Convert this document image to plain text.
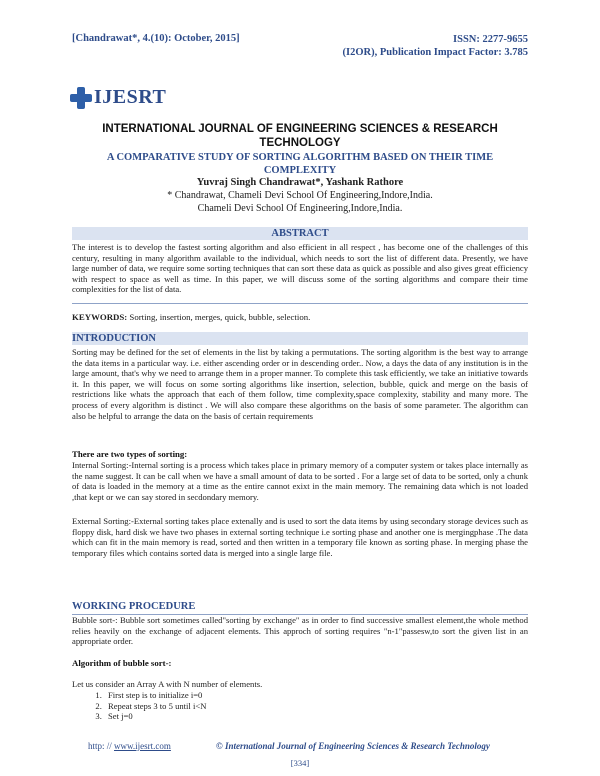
[Chandrawat*, 4.(10): October, 2015]	ISSN: 2277-9655
(I2OR), Publication Impact Factor: 3.785
IJESRT
INTERNATIONAL JOURNAL OF ENGINEERING SCIENCES & RESEARCH TECHNOLOGY
A COMPARATIVE STUDY OF SORTING ALGORITHM BASED ON THEIR TIME COMPLEXITY
Yuvraj Singh Chandrawat*, Yashank Rathore
* Chandrawat, Chameli Devi School Of Engineering,Indore,India.
Chameli Devi School Of Engineering,Indore,India.
ABSTRACT
The interest is to develop the fastest sorting algorithm and also efficient in all respect , has become one of the challenges of this century, resulting in many algorithm available to the individual, which needs to sort the list of different data. Presently, we have large number of data, we require some sorting techniques that can sort these data as quick as possible and also gives great efficiency with respect to space as well as time. In this paper, we will discuss some of the sorting algorithms and compare their time complexities for the list of data.
KEYWORDS: Sorting, insertion, merges, quick, bubble, selection.
INTRODUCTION
Sorting may be defined for the set of elements in the list by taking a permutations. The sorting algorithm is the best way to arrange the data items in a particular way. i.e. either ascending order or in descending order.. Now, a days the data of any institution is in the large amount, that's why we need to arrange them in a proper manner. To complete this task efficiently, we take an initiative towards it. In this paper, we will focus on some sorting algorithms like insertion, selection, bubble, quick and merge on the basis of restrictions like whats the approach that each of them follow, time complexity,space complexity, stability and many more. The process of every algorithm is distinct . We will also compare these algorithms on the basis of some parameter. The algorithm can also be helpful to arrange the data on the basis of certain requirements
There are two types of sorting:
Internal Sorting:-Internal sorting is a process which takes place in primary memory of a computer system or takes place internally as the name suggest. It can be call when we have a small amount of data to be sorted . For a large set of data to be sorted, only a chunk of data is loaded in the memory at a time as the entire cannot exixt in the main memory. The remaining data which is not loaded ,that kept or we can say stored in secdondary memory.
External Sorting:-External sorting takes place extenally and is used to sort the data items by using secondary storage devices such as floppy disk, hard disk we have two phases in external sorting technique i.e sorting phase and another one is mergingphase .The data which can fit in the main memory is read, sorted and then written in a temporary file known as sorting phase. In merging phase the temporary files which contains sorted data is merged into a single large file.
WORKING PROCEDURE
Bubble sort-: Bubble sort sometimes called"sorting by exchange" as in order to find successive smallest element,the whole method relies heavily on the exchange of adjacent elements. This approch of sorting requires "n-1"passesw,to sort the given list in an appropriate order.
Algorithm of bubble sort-:
Let us consider an Array A with N number of elements.
1. First step is to initialize i=0
2. Repeat steps 3 to 5 until i<N
3. Set j=0
http: // www.ijesrt.com	© International Journal of Engineering Sciences & Research Technology
[334]
